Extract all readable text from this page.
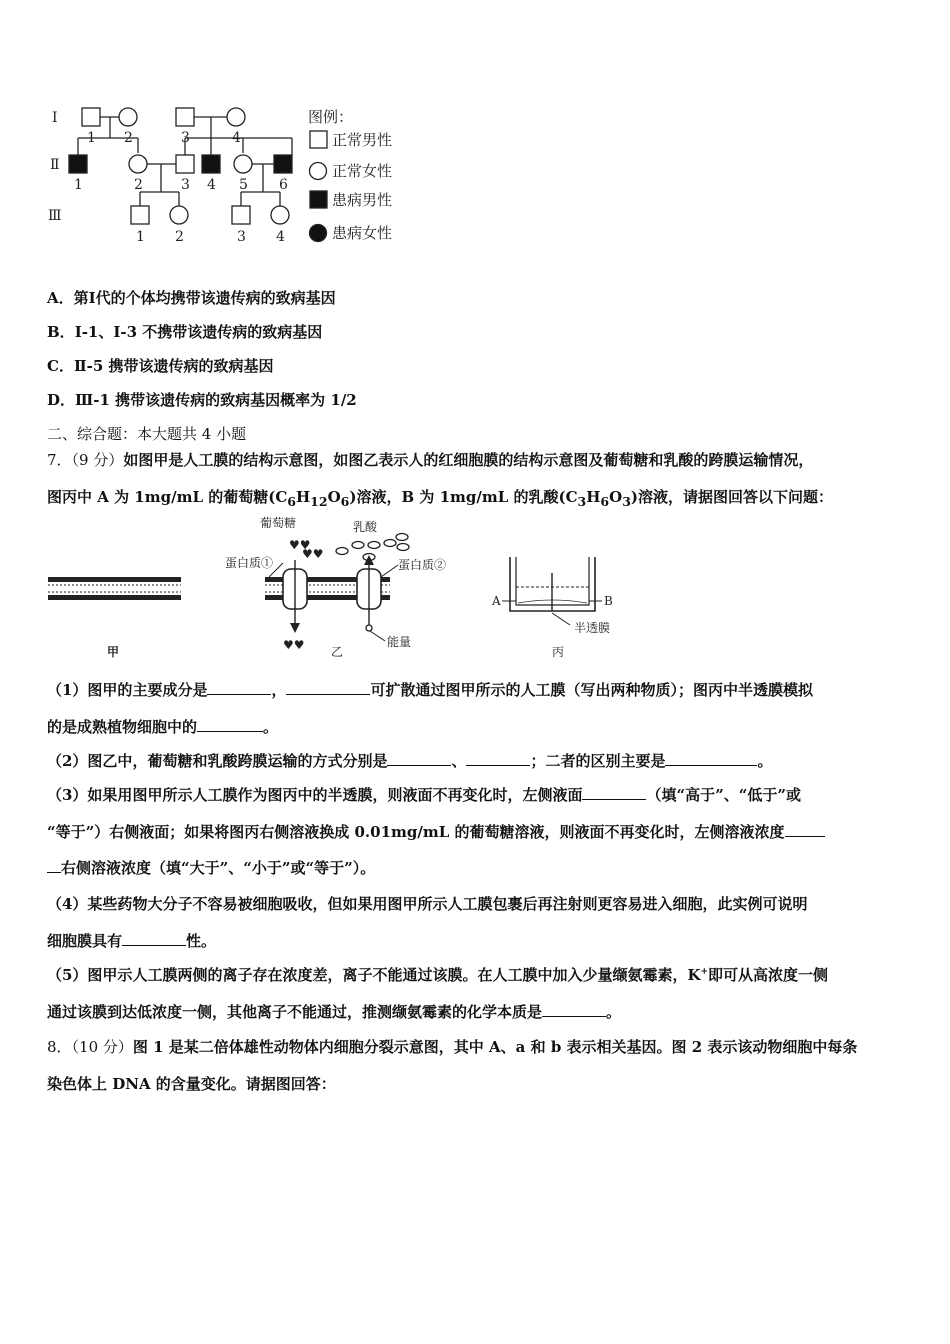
Ⅰ
Ⅱ
Ⅲ
1 2	3	4
1	2	3 4 5 6
1 2	3 4
图例：
正常男性
正常女性
患病男性
患病女性
A．第Ⅰ代的个体均携带该遗传病的致病基因
B．Ⅰ-1、Ⅰ-3 不携带该遗传病的致病基因
C．Ⅱ-5 携带该遗传病的致病基因
D．Ⅲ-1 携带该遗传病的致病基因概率为 1/2
二、综合题：本大题共 4 小题
7．（9 分）如图甲是人工膜的结构示意图，如图乙表示人的红细胞膜的结构示意图及葡萄糖和乳酸的跨膜运输情况，
图丙中 A 为 1mg/mL 的葡萄糖$(C_6H_{12}O_6)$溶液，B 为 1mg/mL 的乳酸$(C_3H_6O_3)$溶液，请据图回答以下问题：
♥♥
♥♥
♥♥
葡萄糖	乳酸
蛋白质①	蛋白质②
能量
A	B
半透膜
甲	乙	丙
（1）图甲的主要成分是	，	可扩散通过图甲所示的人工膜（写出两种物质）；图丙中半透膜模拟
的是成熟植物细胞中的	。
（2）图乙中，葡萄糖和乳酸跨膜运输的方式分别是	、	；二者的区别主要是	。
（3）如果用图甲所示人工膜作为图丙中的半透膜，则液面不再变化时，左侧液面	（填“高于”、“低于”或
“等于”）右侧液面；如果将图丙右侧溶液换成 0.01mg/mL 的葡萄糖溶液，则液面不再变化时，左侧溶液浓度
右侧溶液浓度（填“大于”、“小于”或“等于”）。
（4）某些药物大分子不容易被细胞吸收，但如果用图甲所示人工膜包裹后再注射则更容易进入细胞，此实例可说明
细胞膜具有	性。
（5）图甲示人工膜两侧的离子存在浓度差，离子不能通过该膜。在人工膜中加入少量缬氨霉素，K+即可从高浓度一侧
通过该膜到达低浓度一侧，其他离子不能通过，推测缬氨霉素的化学本质是	。
8．（10 分）图 1 是某二倍体雄性动物体内细胞分裂示意图，其中 A、a 和 b 表示相关基因。图 2 表示该动物细胞中每条
染色体上 DNA 的含量变化。请据图回答：
